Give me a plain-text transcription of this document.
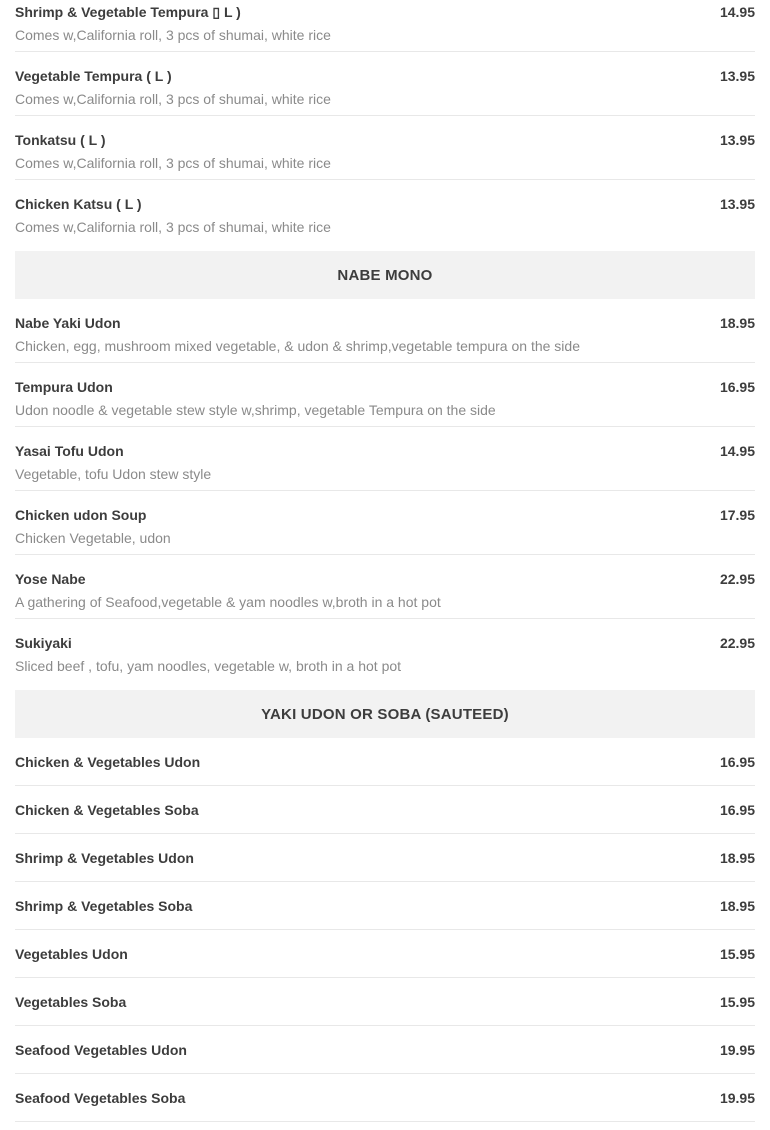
Shrimp & Vegetable Tempura ▯ L )	14.95

Comes w,California roll, 3 pcs of shumai, white rice

Vegetable Tempura ( L )	13.95

Comes w,California roll, 3 pcs of shumai, white rice

Tonkatsu ( L )	13.95

Comes w,California roll, 3 pcs of shumai, white rice

Chicken Katsu ( L )	13.95

Comes w,California roll, 3 pcs of shumai, white rice

NABE MONO
Nabe Yaki Udon	18.95

Chicken, egg, mushroom mixed vegetable, & udon & shrimp,vegetable tempura on the side

Tempura Udon	16.95

Udon noodle & vegetable stew style w,shrimp, vegetable Tempura on the side

Yasai Tofu Udon	14.95

Vegetable, tofu Udon stew style

Chicken udon Soup	17.95

Chicken Vegetable, udon

Yose Nabe	22.95

A gathering of Seafood,vegetable & yam noodles w,broth in a hot pot

Sukiyaki	22.95

Sliced beef , tofu, yam noodles, vegetable w, broth in a hot pot

YAKI UDON OR SOBA (SAUTEED)
Chicken & Vegetables Udon	16.95
Chicken & Vegetables Soba	16.95
Shrimp & Vegetables Udon	18.95
Shrimp & Vegetables Soba	18.95
Vegetables Udon	15.95
Vegetables Soba	15.95
Seafood Vegetables Udon	19.95
Seafood Vegetables Soba	19.95
